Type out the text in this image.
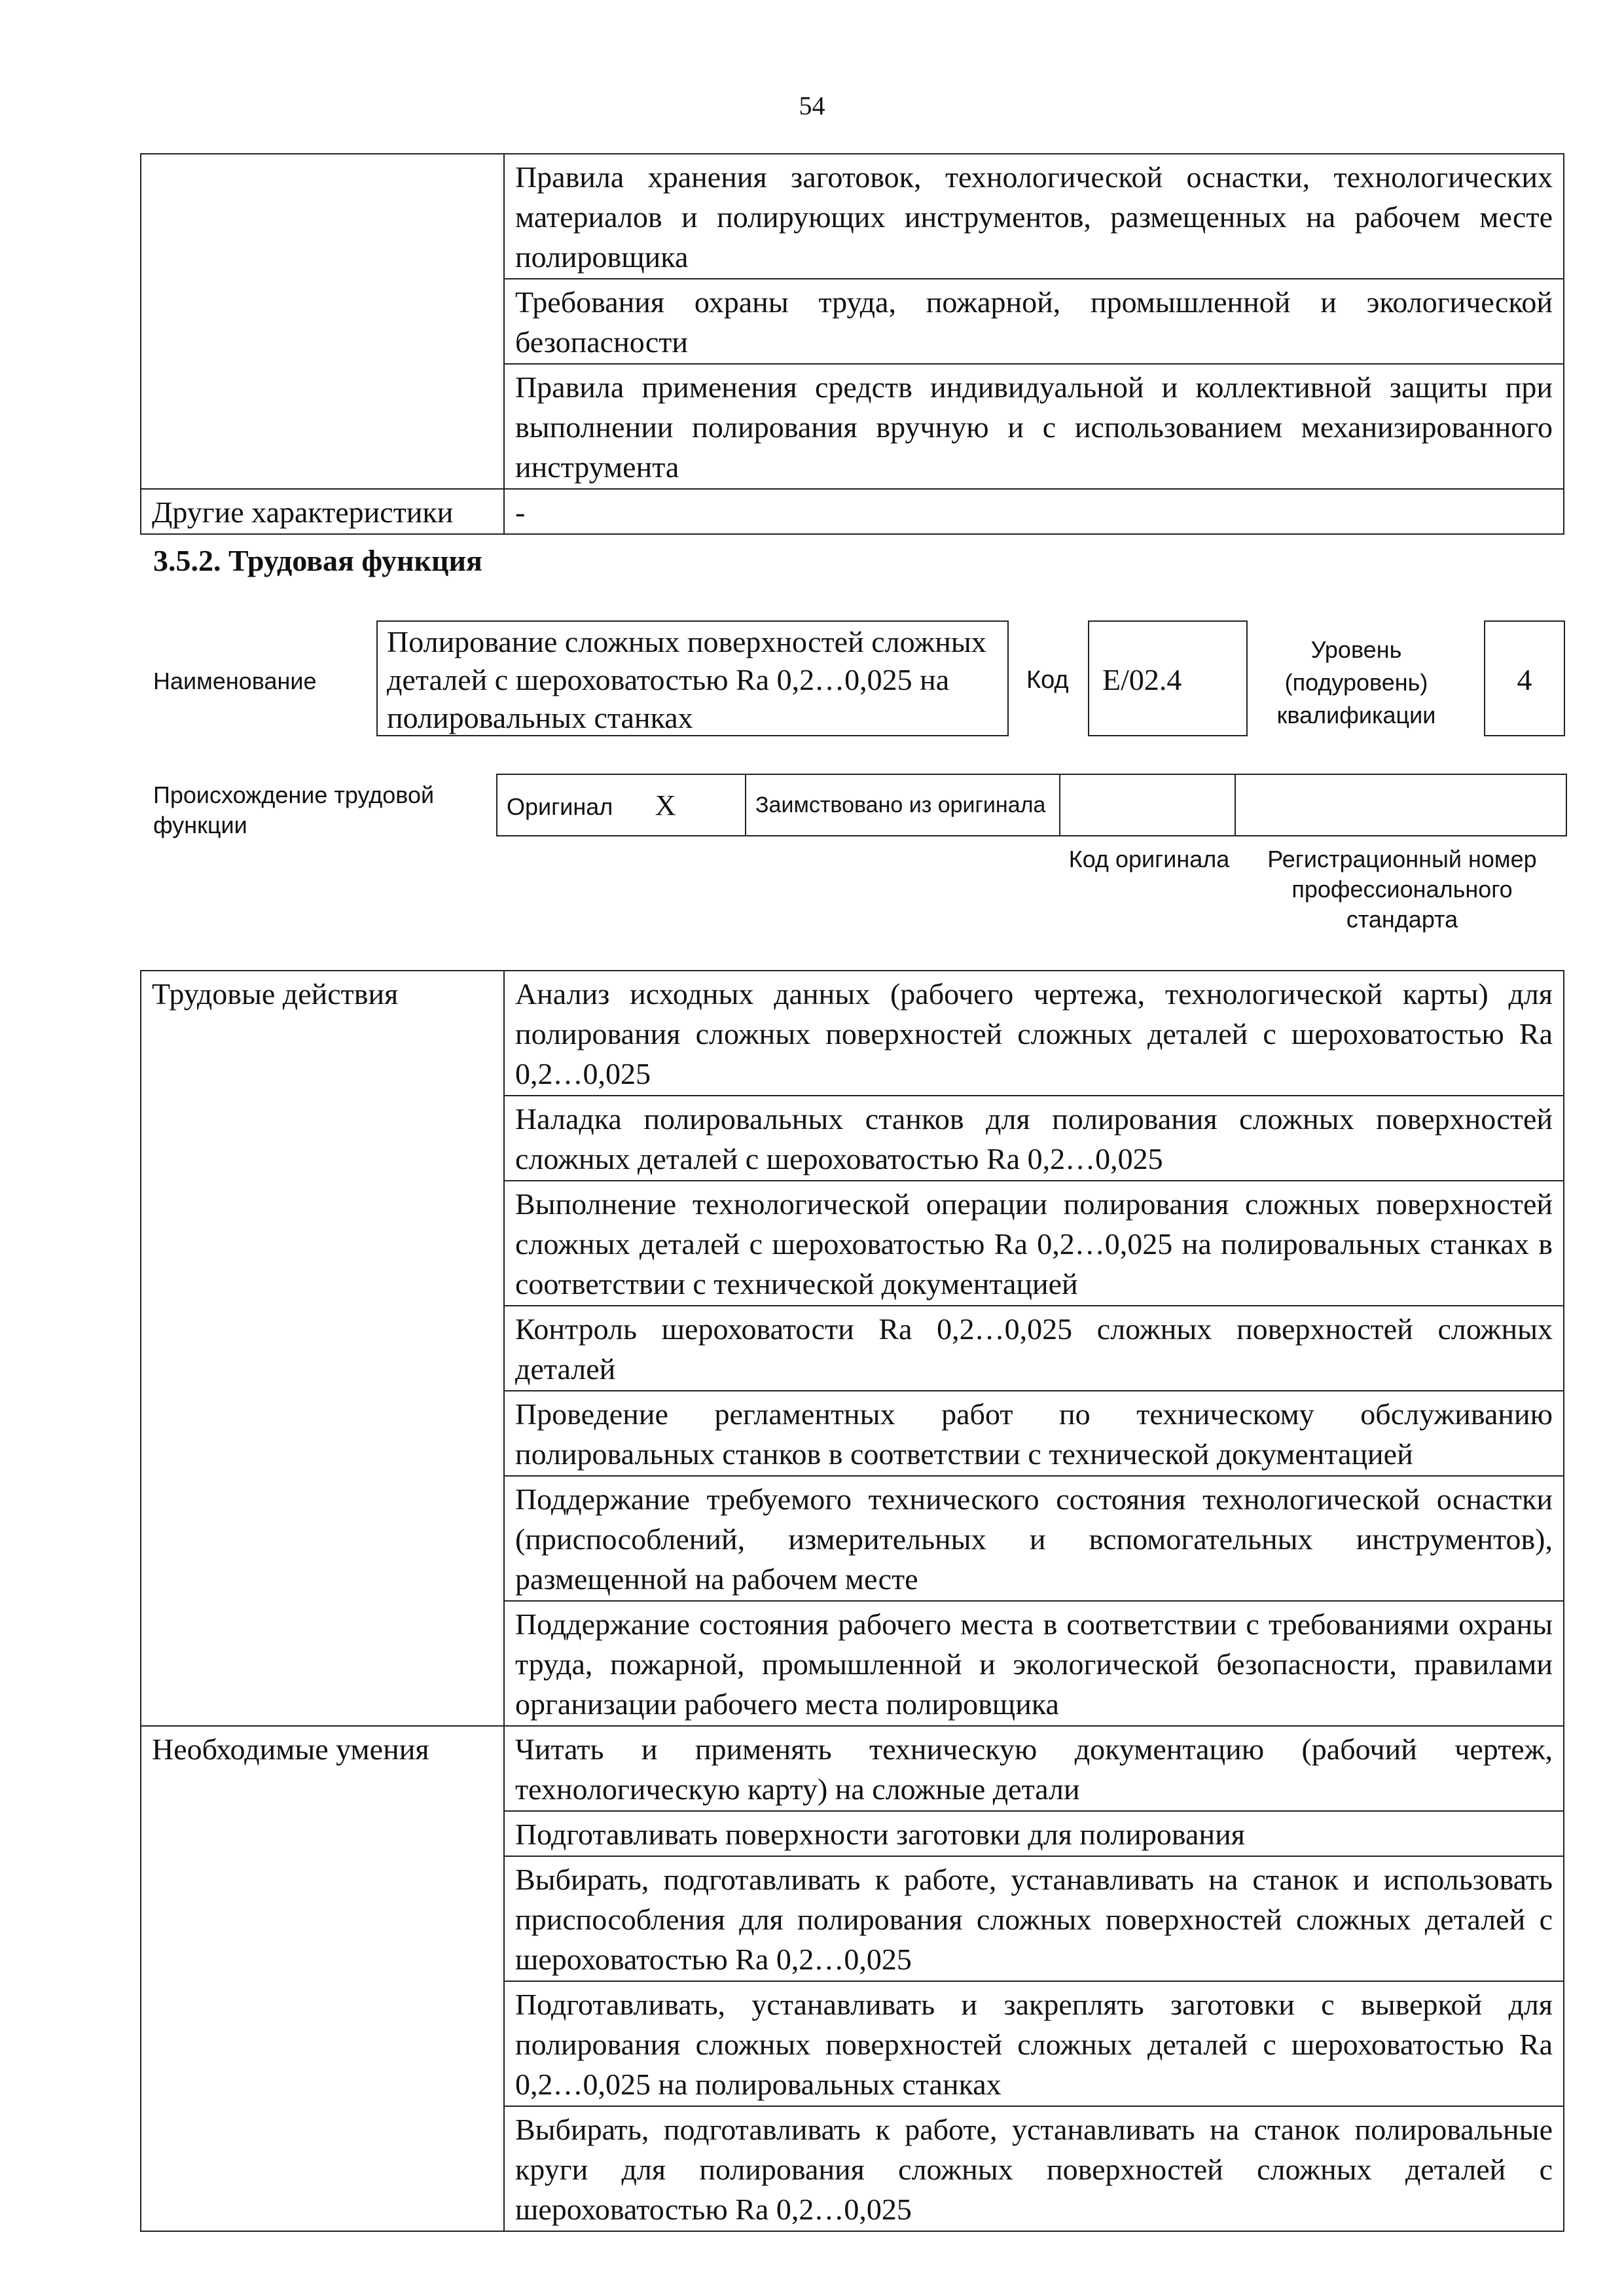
54
	Правила хранения заготовок, технологической оснастки, технологических материалов и полирующих инструментов, размещенных на рабочем месте полировщика
	Требования охраны труда, пожарной, промышленной и экологической безопасности
	Правила применения средств индивидуальной и коллективной защиты при выполнении полирования вручную и с использованием механизированного инструмента
Другие характеристики	-
3.5.2. Трудовая функция
Наименование
Полирование сложных поверхностей сложных деталей с шероховатостью Ra 0,2…0,025 на полировальных станках
Код	E/02.4
Уровень (подуровень) квалификации
4
Происхождение трудовой функции
Оригинал X	Заимствовано из оригинала		
Код оригинала	Регистрационный номер профессионального стандарта
Трудовые действия	Анализ исходных данных (рабочего чертежа, технологической карты) для полирования сложных поверхностей сложных деталей с шероховатостью Ra 0,2…0,025
	Наладка полировальных станков для полирования сложных поверхностей сложных деталей с шероховатостью Ra 0,2…0,025
	Выполнение технологической операции полирования сложных поверхностей сложных деталей с шероховатостью Ra 0,2…0,025 на полировальных станках в соответствии с технической документацией
	Контроль шероховатости Ra 0,2…0,025 сложных поверхностей сложных деталей
	Проведение регламентных работ по техническому обслуживанию полировальных станков в соответствии с технической документацией
	Поддержание требуемого технического состояния технологической оснастки (приспособлений, измерительных и вспомогательных инструментов), размещенной на рабочем месте
	Поддержание состояния рабочего места в соответствии с требованиями охраны труда, пожарной, промышленной и экологической безопасности, правилами организации рабочего места полировщика
Необходимые умения	Читать и применять техническую документацию (рабочий чертеж, технологическую карту) на сложные детали
	Подготавливать поверхности заготовки для полирования
	Выбирать, подготавливать к работе, устанавливать на станок и использовать приспособления для полирования сложных поверхностей сложных деталей с шероховатостью Ra 0,2…0,025
	Подготавливать, устанавливать и закреплять заготовки с выверкой для полирования сложных поверхностей сложных деталей с шероховатостью Ra 0,2…0,025 на полировальных станках
	Выбирать, подготавливать к работе, устанавливать на станок полировальные круги для полирования сложных поверхностей сложных деталей с шероховатостью Ra 0,2…0,025
